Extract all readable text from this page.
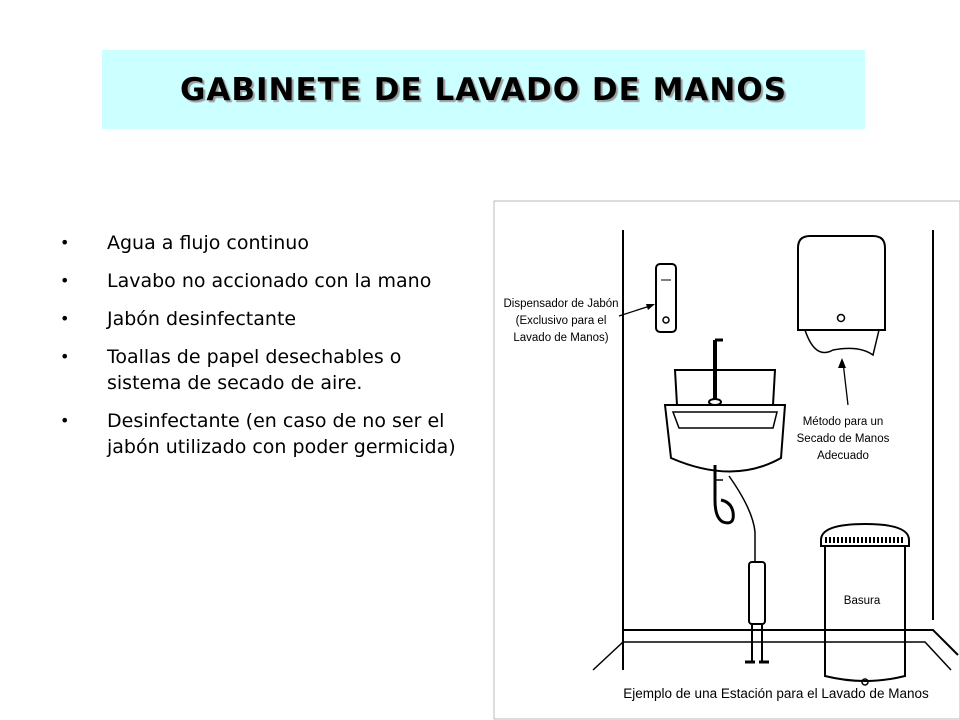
GABINETE DE LAVADO DE MANOS
• Agua a flujo continuo
• Lavabo no accionado con la mano
• Jabón desinfectante
• Toallas de papel desechables o sistema de secado de aire.
• Desinfectante (en caso de no ser el jabón utilizado con poder germicida)
Dispensador de Jabón
(Exclusivo para el
Lavado de Manos)
Método para un
Secado de Manos
Adecuado
Basura
Ejemplo de una Estación para el Lavado de Manos
